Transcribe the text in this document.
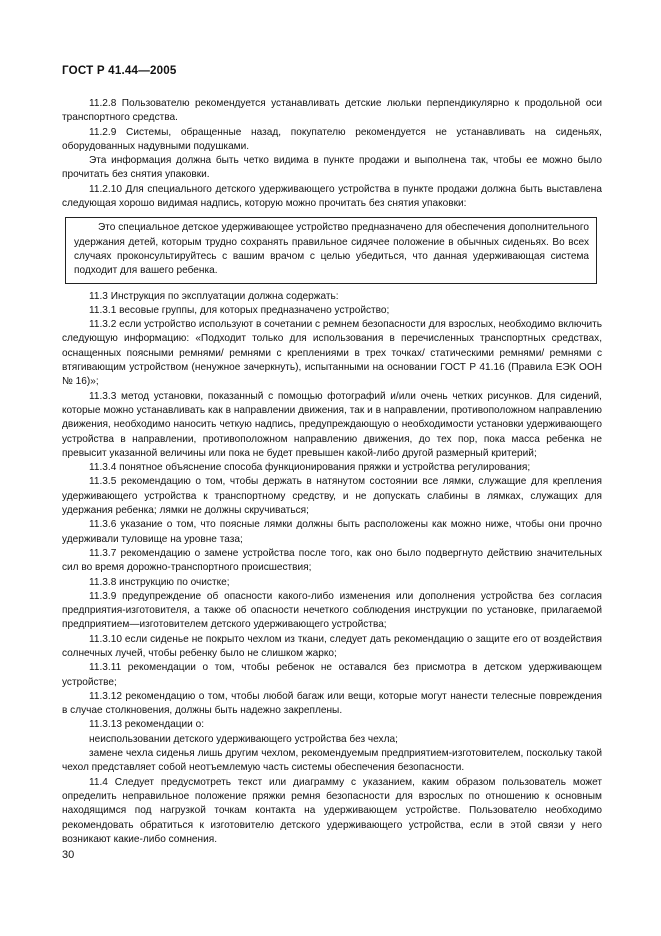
ГОСТ Р 41.44—2005

11.2.8 Пользователю рекомендуется устанавливать детские люльки перпендикулярно к продольной оси транспортного средства.

11.2.9 Системы, обращенные назад, покупателю рекомендуется не устанавливать на сиденьях, оборудованных надувными подушками.

Эта информация должна быть четко видима в пункте продажи и выполнена так, чтобы ее можно было прочитать без снятия упаковки.

11.2.10 Для специального детского удерживающего устройства в пункте продажи должна быть выставлена следующая хорошо видимая надпись, которую можно прочитать без снятия упаковки:

Это специальное детское удерживающее устройство предназначено для обеспечения дополнительного удержания детей, которым трудно сохранять правильное сидячее положение в обычных сиденьях. Во всех случаях проконсультируйтесь с вашим врачом с целью убедиться, что данная удерживающая система подходит для вашего ребенка.

11.3 Инструкция по эксплуатации должна содержать:

11.3.1 весовые группы, для которых предназначено устройство;

11.3.2 если устройство используют в сочетании с ремнем безопасности для взрослых, необходимо включить следующую информацию: «Подходит только для использования в перечисленных транспортных средствах, оснащенных поясными ремнями/ ремнями с креплениями в трех точках/ статическими ремнями/ ремнями с втягивающим устройством (ненужное зачеркнуть), испытанными на основании ГОСТ Р 41.16 (Правила ЕЭК ООН № 16)»;

11.3.3 метод установки, показанный с помощью фотографий и/или очень четких рисунков. Для сидений, которые можно устанавливать как в направлении движения, так и в направлении, противоположном направлению движения, необходимо наносить четкую надпись, предупреждающую о необходимости установки удерживающего устройства в направлении, противоположном направлению движения, до тех пор, пока масса ребенка не превысит указанной величины или пока не будет превышен какой-либо другой размерный критерий;

11.3.4 понятное объяснение способа функционирования пряжки и устройства регулирования;

11.3.5 рекомендацию о том, чтобы держать в натянутом состоянии все лямки, служащие для крепления удерживающего устройства к транспортному средству, и не допускать слабины в лямках, служащих для удержания ребенка; лямки не должны скручиваться;

11.3.6 указание о том, что поясные лямки должны быть расположены как можно ниже, чтобы они прочно удерживали туловище на уровне таза;

11.3.7 рекомендацию о замене устройства после того, как оно было подвергнуто действию значительных сил во время дорожно-транспортного происшествия;

11.3.8 инструкцию по очистке;

11.3.9 предупреждение об опасности какого-либо изменения или дополнения устройства без согласия предприятия-изготовителя, а также об опасности нечеткого соблюдения инструкции по установке, прилагаемой предприятием—изготовителем детского удерживающего устройства;

11.3.10 если сиденье не покрыто чехлом из ткани, следует дать рекомендацию о защите его от воздействия солнечных лучей, чтобы ребенку было не слишком жарко;

11.3.11 рекомендации о том, чтобы ребенок не оставался без присмотра в детском удерживающем устройстве;

11.3.12 рекомендацию о том, чтобы любой багаж или вещи, которые могут нанести телесные повреждения в случае столкновения, должны быть надежно закреплены.

11.3.13 рекомендации о:

неиспользовании детского удерживающего устройства без чехла;

замене чехла сиденья лишь другим чехлом, рекомендуемым предприятием-изготовителем, поскольку такой чехол представляет собой неотъемлемую часть системы обеспечения безопасности.

11.4 Следует предусмотреть текст или диаграмму с указанием, каким образом пользователь может определить неправильное положение пряжки ремня безопасности для взрослых по отношению к основным находящимся под нагрузкой точкам контакта на удерживающем устройстве. Пользователю необходимо рекомендовать обратиться к изготовителю детского удерживающего устройства, если в этой связи у него возникают какие-либо сомнения.

30
